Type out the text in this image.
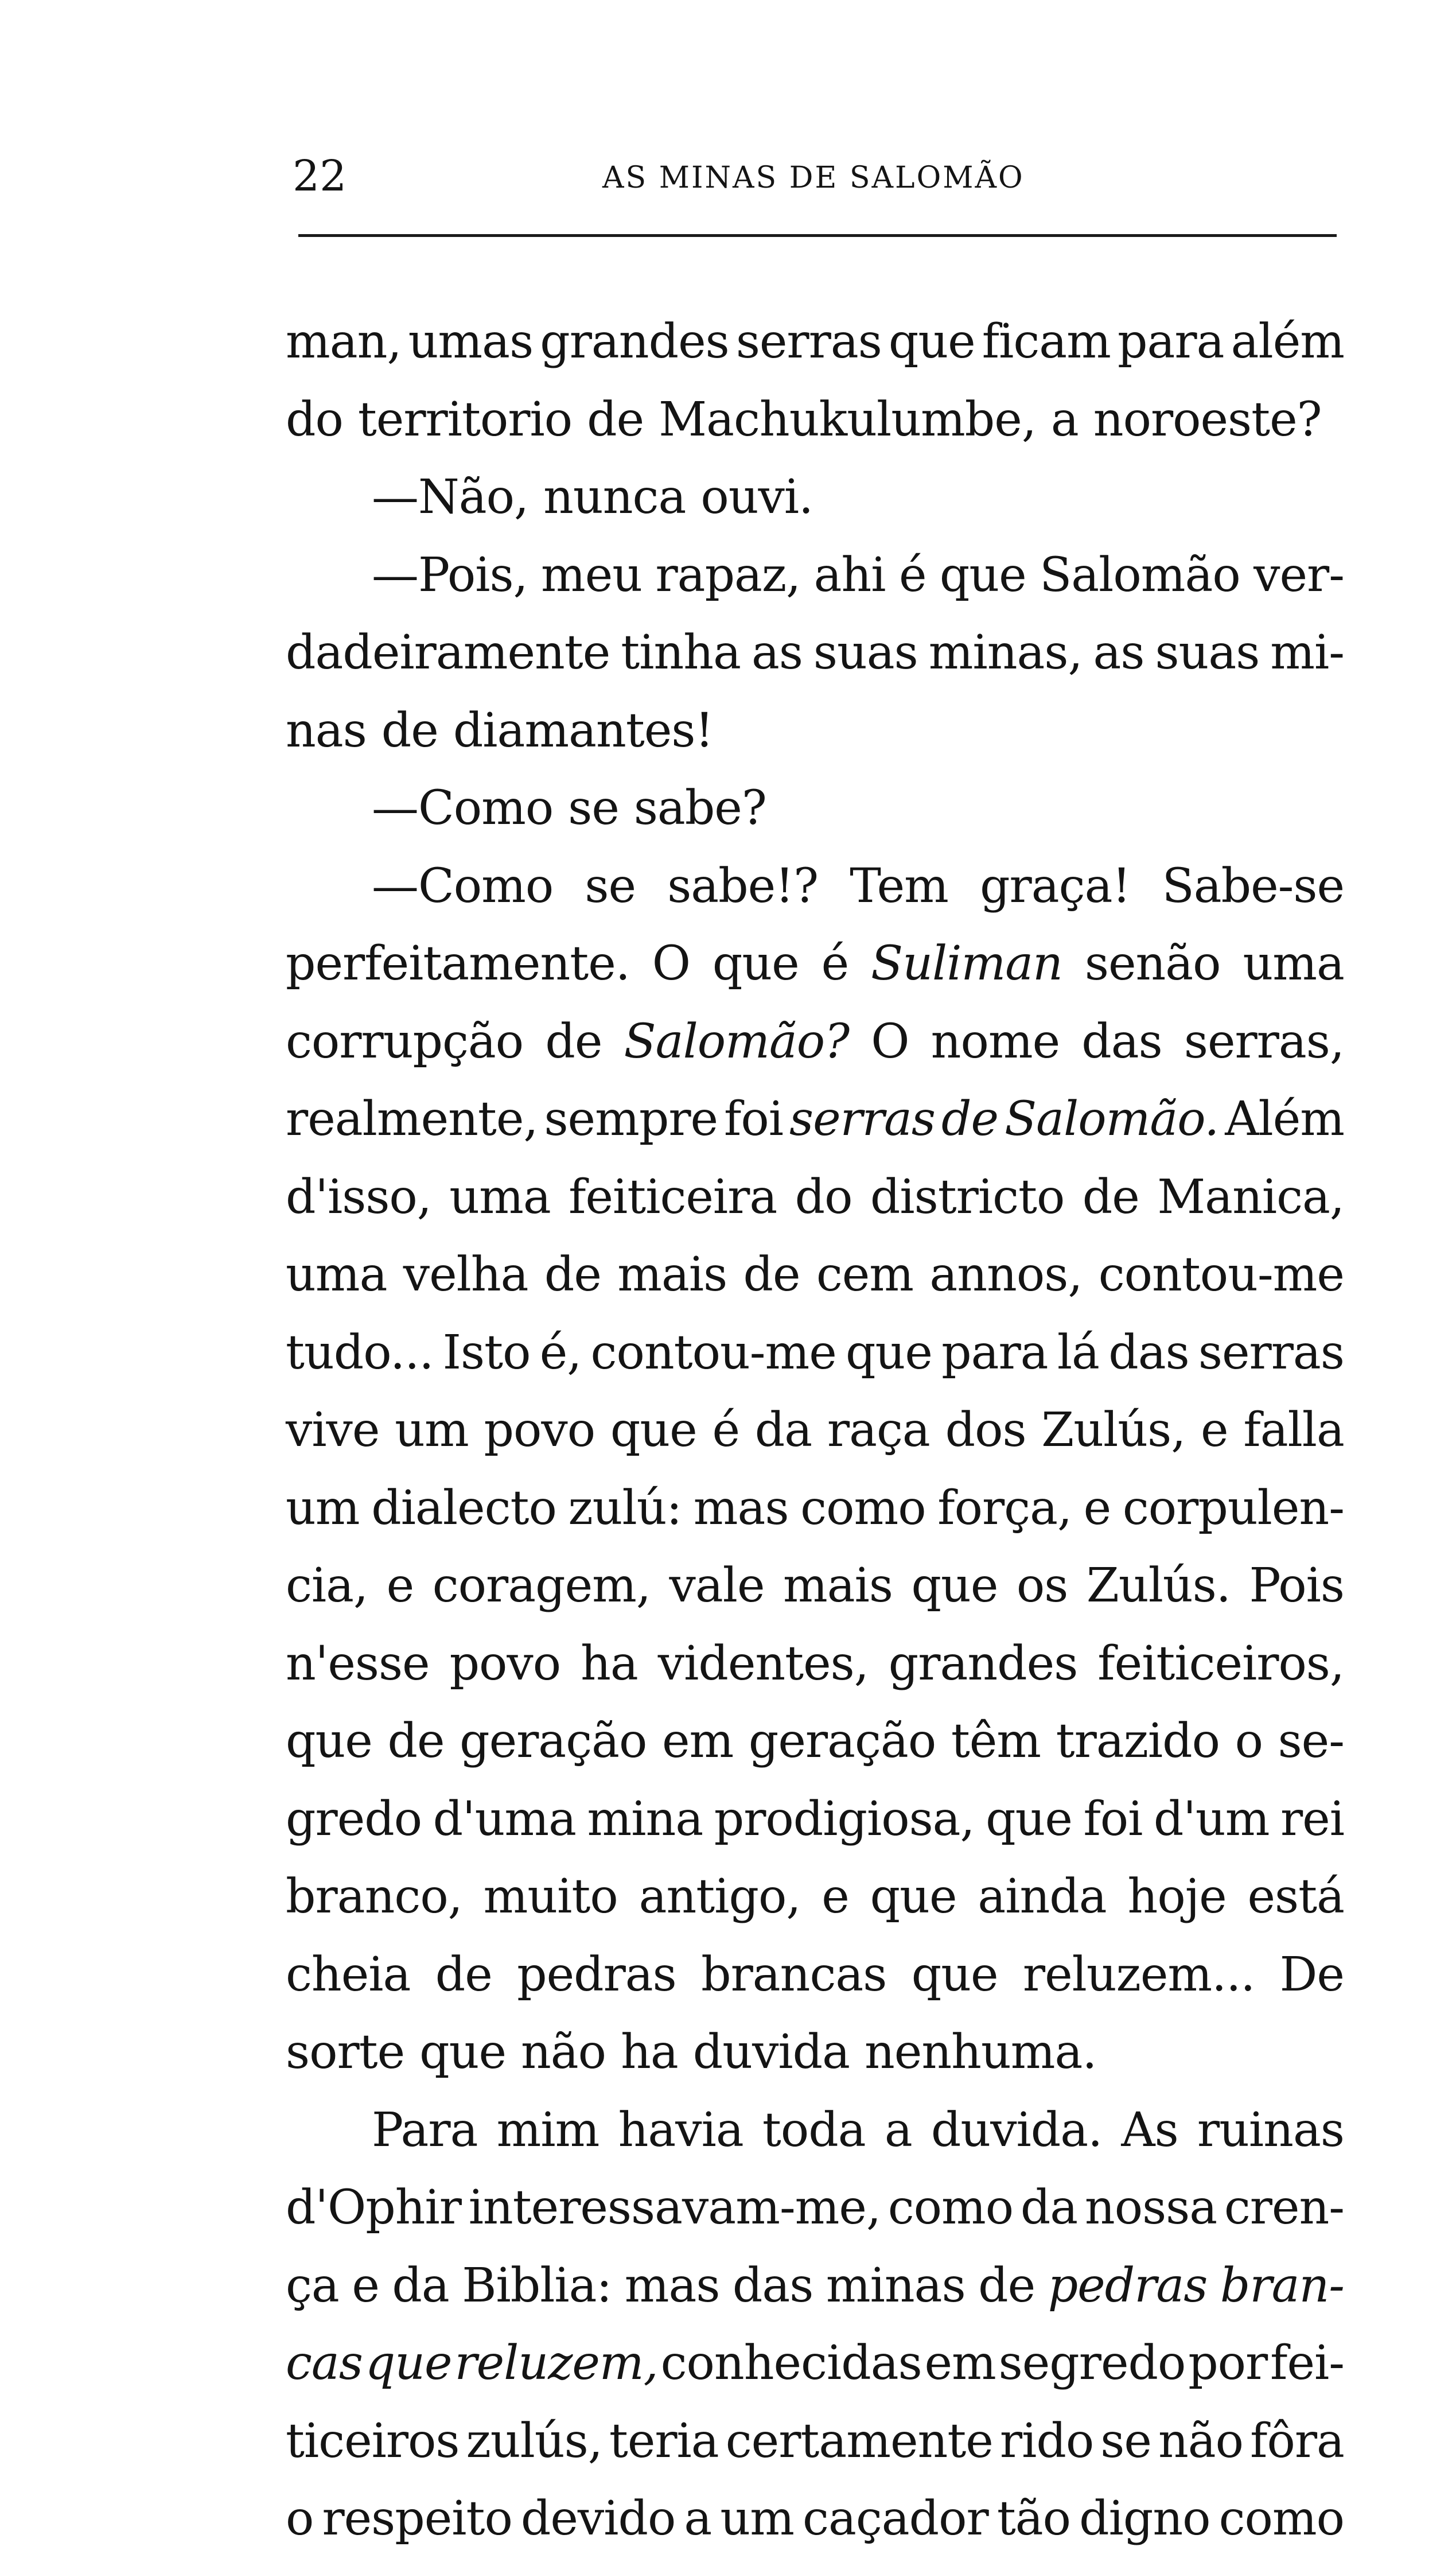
22	AS MINAS DE SALOMÃO
man, umas grandes serras que ficam para além
do territorio de Machukulumbe, a noroeste?
—Não, nunca ouvi.
—Pois, meu rapaz, ahi é que Salomão ver-
dadeiramente tinha as suas minas, as suas mi-
nas de diamantes!
—Como se sabe?
—Como se sabe!? Tem graça! Sabe-se
perfeitamente. O que é Suliman senão uma
corrupção de Salomão? O nome das serras,
realmente, sempre foi serras de Salomão. Além
d'isso, uma feiticeira do districto de Manica,
uma velha de mais de cem annos, contou-me
tudo... Isto é, contou-me que para lá das serras
vive um povo que é da raça dos Zulús, e falla
um dialecto zulú: mas como força, e corpulen-
cia, e coragem, vale mais que os Zulús. Pois
n'esse povo ha videntes, grandes feiticeiros,
que de geração em geração têm trazido o se-
gredo d'uma mina prodigiosa, que foi d'um rei
branco, muito antigo, e que ainda hoje está
cheia de pedras brancas que reluzem... De
sorte que não ha duvida nenhuma.
Para mim havia toda a duvida. As ruinas
d'Ophir interessavam-me, como da nossa cren-
ça e da Biblia: mas das minas de pedras bran-
cas que reluzem, conhecidas em segredo por fei-
ticeiros zulús, teria certamente rido se não fôra
o respeito devido a um caçador tão digno como
